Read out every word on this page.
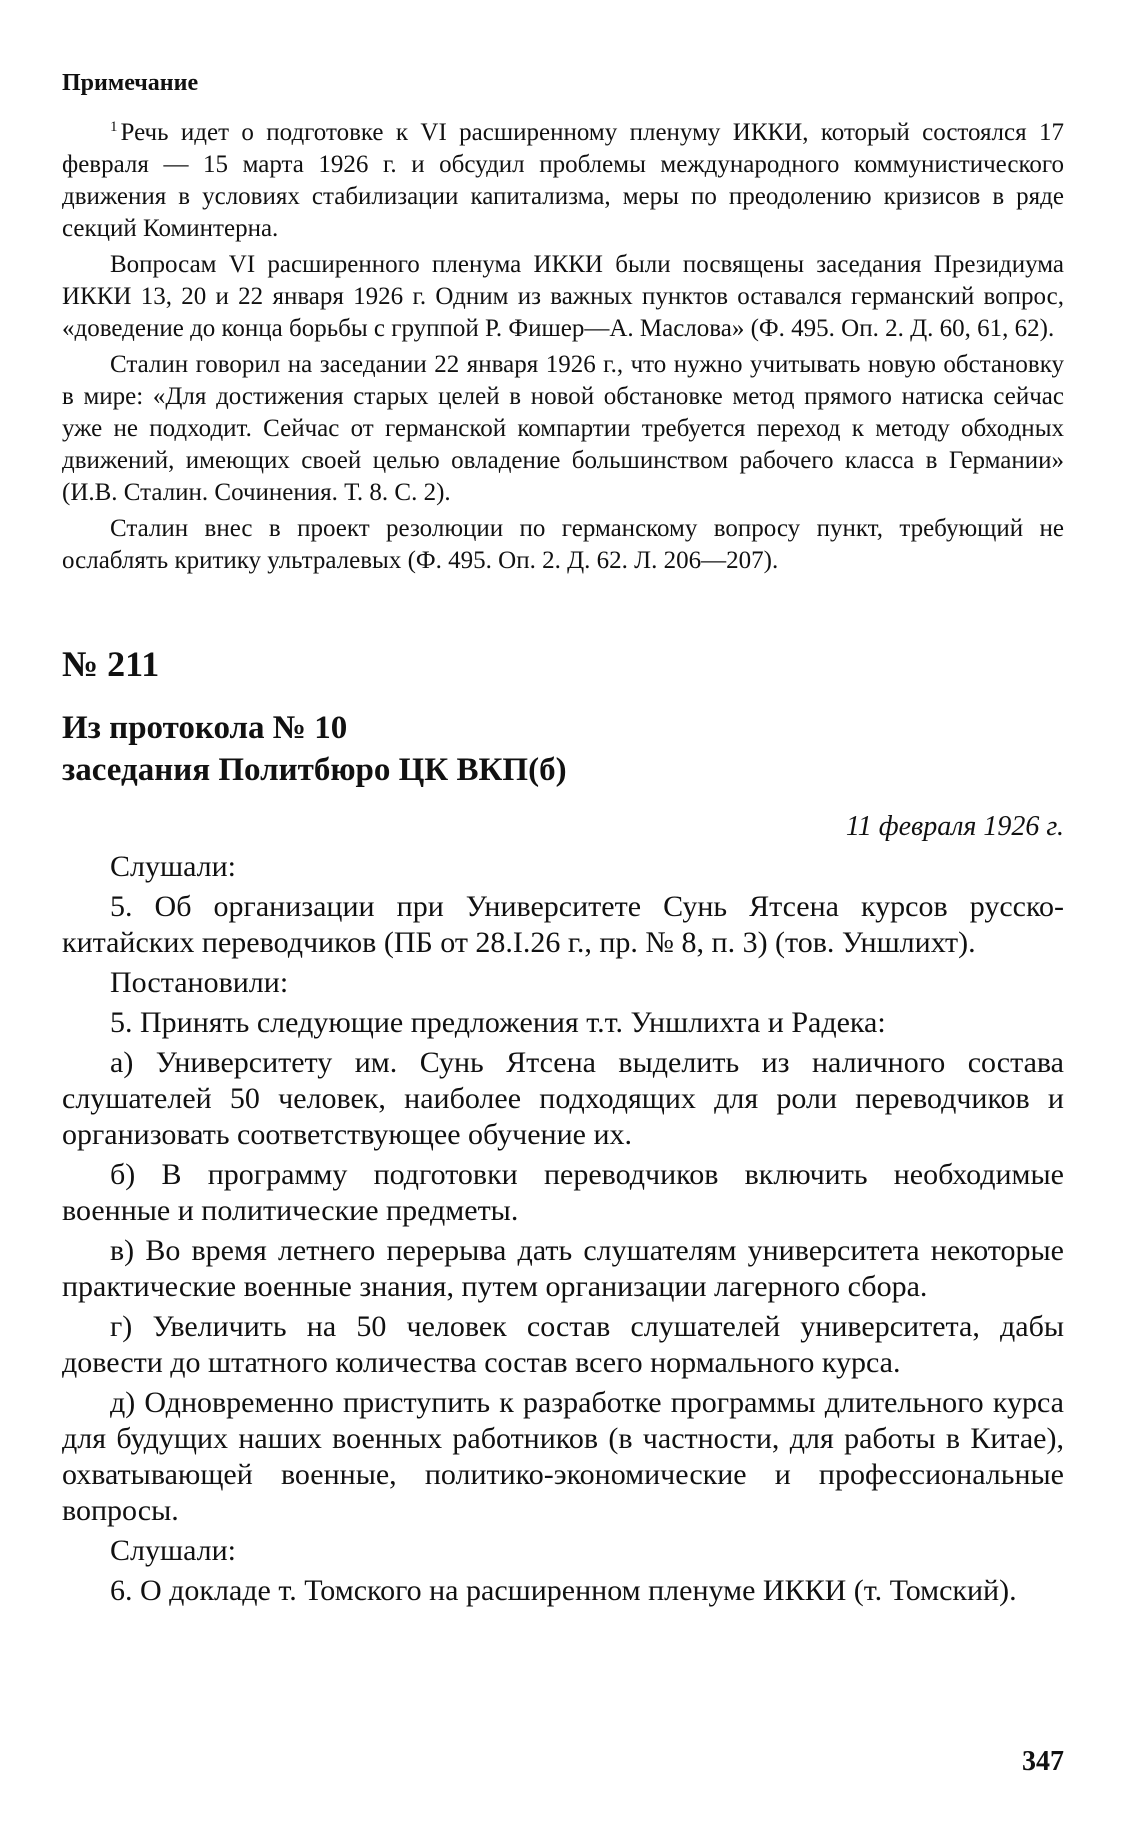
Примечание

$^1$ Речь идет о подготовке к VI расширенному пленуму ИККИ, который состоялся 17 февраля — 15 марта 1926 г. и обсудил проблемы международного коммунистического движения в условиях стабилизации капитализма, меры по преодолению кризисов в ряде секций Коминтерна.

Вопросам VI расширенного пленума ИККИ были посвящены заседания Президиума ИККИ 13, 20 и 22 января 1926 г. Одним из важных пунктов оставался германский вопрос, «доведение до конца борьбы с группой Р. Фишер—А. Маслова» (Ф. 495. Оп. 2. Д. 60, 61, 62).

Сталин говорил на заседании 22 января 1926 г., что нужно учитывать новую обстановку в мире: «Для достижения старых целей в новой обстановке метод прямого натиска сейчас уже не подходит. Сейчас от германской компартии требуется переход к методу обходных движений, имеющих своей целью овладение большинством рабочего класса в Германии» (И.В. Сталин. Сочинения. Т. 8. С. 2).

Сталин внес в проект резолюции по германскому вопросу пункт, требующий не ослаблять критику ультралевых (Ф. 495. Оп. 2. Д. 62. Л. 206—207).

№ 211
Из протокола № 10
заседания Политбюро ЦК ВКП(б)
11 февраля 1926 г.

Слушали:

5. Об организации при Университете Сунь Ятсена курсов русско-китайских переводчиков (ПБ от 28.I.26 г., пр. № 8, п. 3) (тов. Уншлихт).

Постановили:

5. Принять следующие предложения т.т. Уншлихта и Радека:

а) Университету им. Сунь Ятсена выделить из наличного состава слушателей 50 человек, наиболее подходящих для роли переводчиков и организовать соответствующее обучение их.

б) В программу подготовки переводчиков включить необходимые военные и политические предметы.

в) Во время летнего перерыва дать слушателям университета некоторые практические военные знания, путем организации лагерного сбора.

г) Увеличить на 50 человек состав слушателей университета, дабы довести до штатного количества состав всего нормального курса.

д) Одновременно приступить к разработке программы длительного курса для будущих наших военных работников (в частности, для работы в Китае), охватывающей военные, политико-экономические и профессиональные вопросы.

Слушали:

6. О докладе т. Томского на расширенном пленуме ИККИ (т. Томский).

347
